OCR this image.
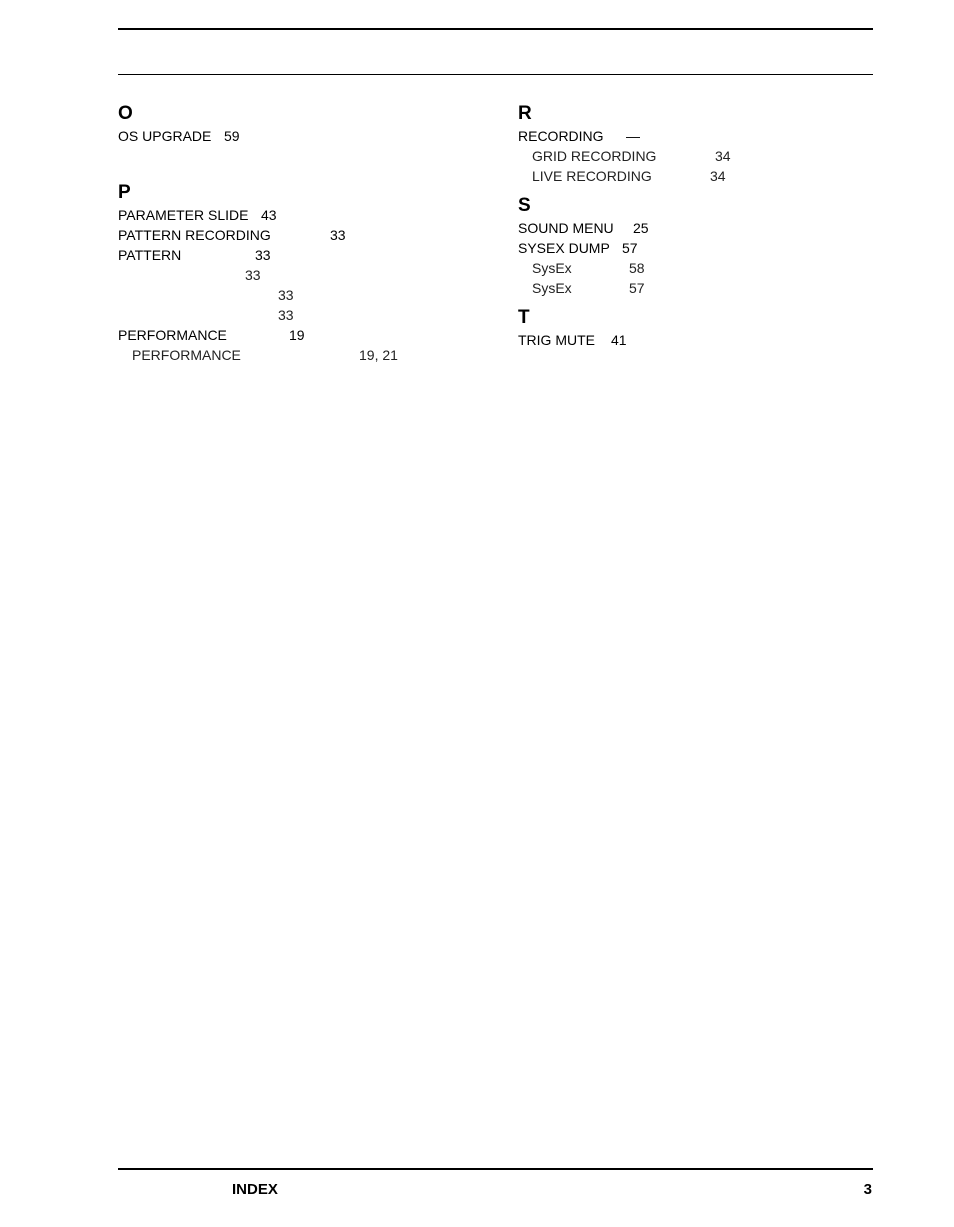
O
OS UPGRADE 59
P
PARAMETER SLIDE 43
PATTERN RECORDING	33
PATTERN	33
33
33
33
PERFORMANCE	19
PERFORMANCE	19, 21
R
RECORDING —
GRID RECORDING	34
LIVE RECORDING	34
S
SOUND MENU 25
SYSEX DUMP 57
SysEx	58
SysEx	57
T
TRIG MUTE 41
INDEX	3
